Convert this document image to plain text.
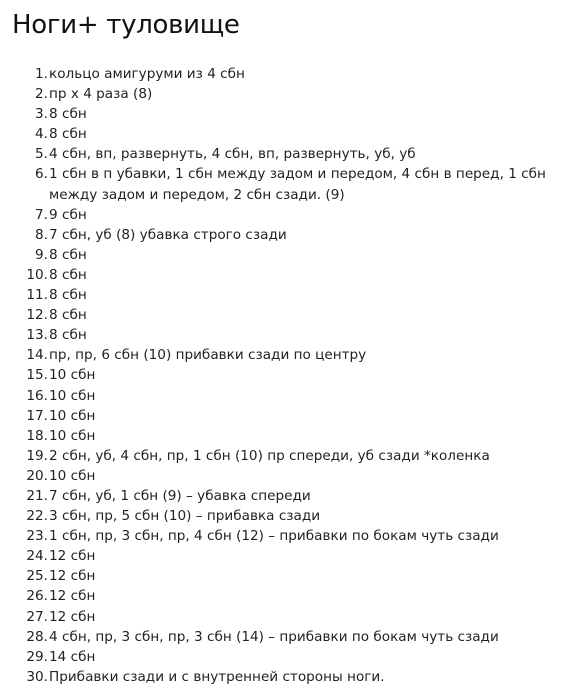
Ноги+ туловище
1. кольцо амигуруми из 4 сбн
2. пр х 4 раза (8)
3. 8 сбн
4. 8 сбн
5. 4 сбн, вп, развернуть, 4 сбн, вп, развернуть, уб, уб
6. 1 сбн в п убавки, 1 сбн между задом и передом, 4 сбн в перед, 1 сбн между задом и передом, 2 сбн сзади. (9)
7. 9 сбн
8. 7 сбн, уб (8) убавка строго сзади
9. 8 сбн
10. 8 сбн
11. 8 сбн
12. 8 сбн
13. 8 сбн
14. пр, пр, 6 сбн (10) прибавки сзади по центру
15. 10 сбн
16. 10 сбн
17. 10 сбн
18. 10 сбн
19. 2 сбн, уб, 4 сбн, пр, 1 сбн (10) пр спереди, уб сзади *коленка
20. 10 сбн
21. 7 сбн, уб, 1 сбн (9) – убавка спереди
22. 3 сбн, пр, 5 сбн (10) – прибавка сзади
23. 1 сбн, пр, 3 сбн, пр, 4 сбн (12) – прибавки по бокам чуть сзади
24. 12 сбн
25. 12 сбн
26. 12 сбн
27. 12 сбн
28. 4 сбн, пр, 3 сбн, пр, 3 сбн (14) – прибавки по бокам чуть сзади
29. 14 сбн
30. Прибавки сзади и с внутренней стороны ноги.
